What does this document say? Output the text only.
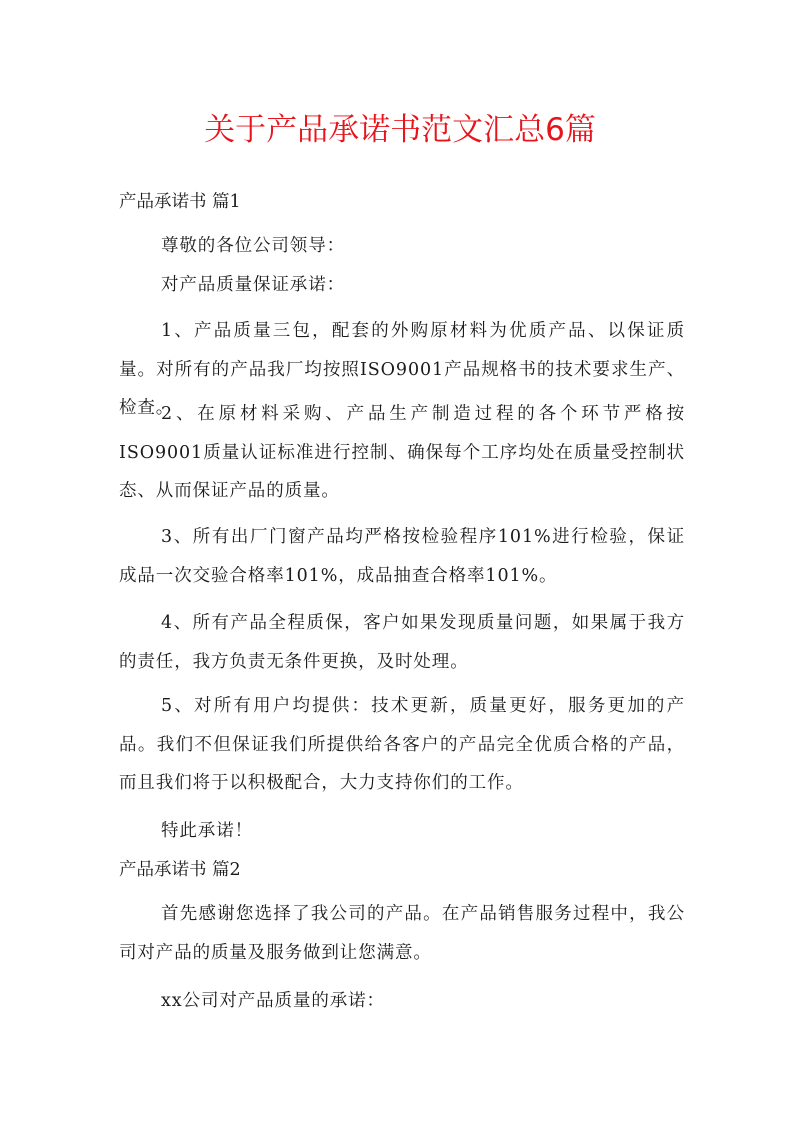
关于产品承诺书范文汇总6篇
产品承诺书 篇1

尊敬的各位公司领导：

对产品质量保证承诺：

1、产品质量三包，配套的外购原材料为优质产品、以保证质量。对所有的产品我厂均按照ISO9001产品规格书的技术要求生产、检查。

2、在原材料采购、产品生产制造过程的各个环节严格按ISO9001质量认证标准进行控制、确保每个工序均处在质量受控制状态、从而保证产品的质量。

3、所有出厂门窗产品均严格按检验程序101%进行检验，保证成品一次交验合格率101%，成品抽查合格率101%。

4、所有产品全程质保，客户如果发现质量问题，如果属于我方的责任，我方负责无条件更换，及时处理。

5、对所有用户均提供：技术更新，质量更好，服务更加的产品。我们不但保证我们所提供给各客户的产品完全优质合格的产品，而且我们将于以积极配合，大力支持你们的工作。

特此承诺！

产品承诺书 篇2

首先感谢您选择了我公司的产品。在产品销售服务过程中，我公司对产品的质量及服务做到让您满意。

xx公司对产品质量的承诺：
